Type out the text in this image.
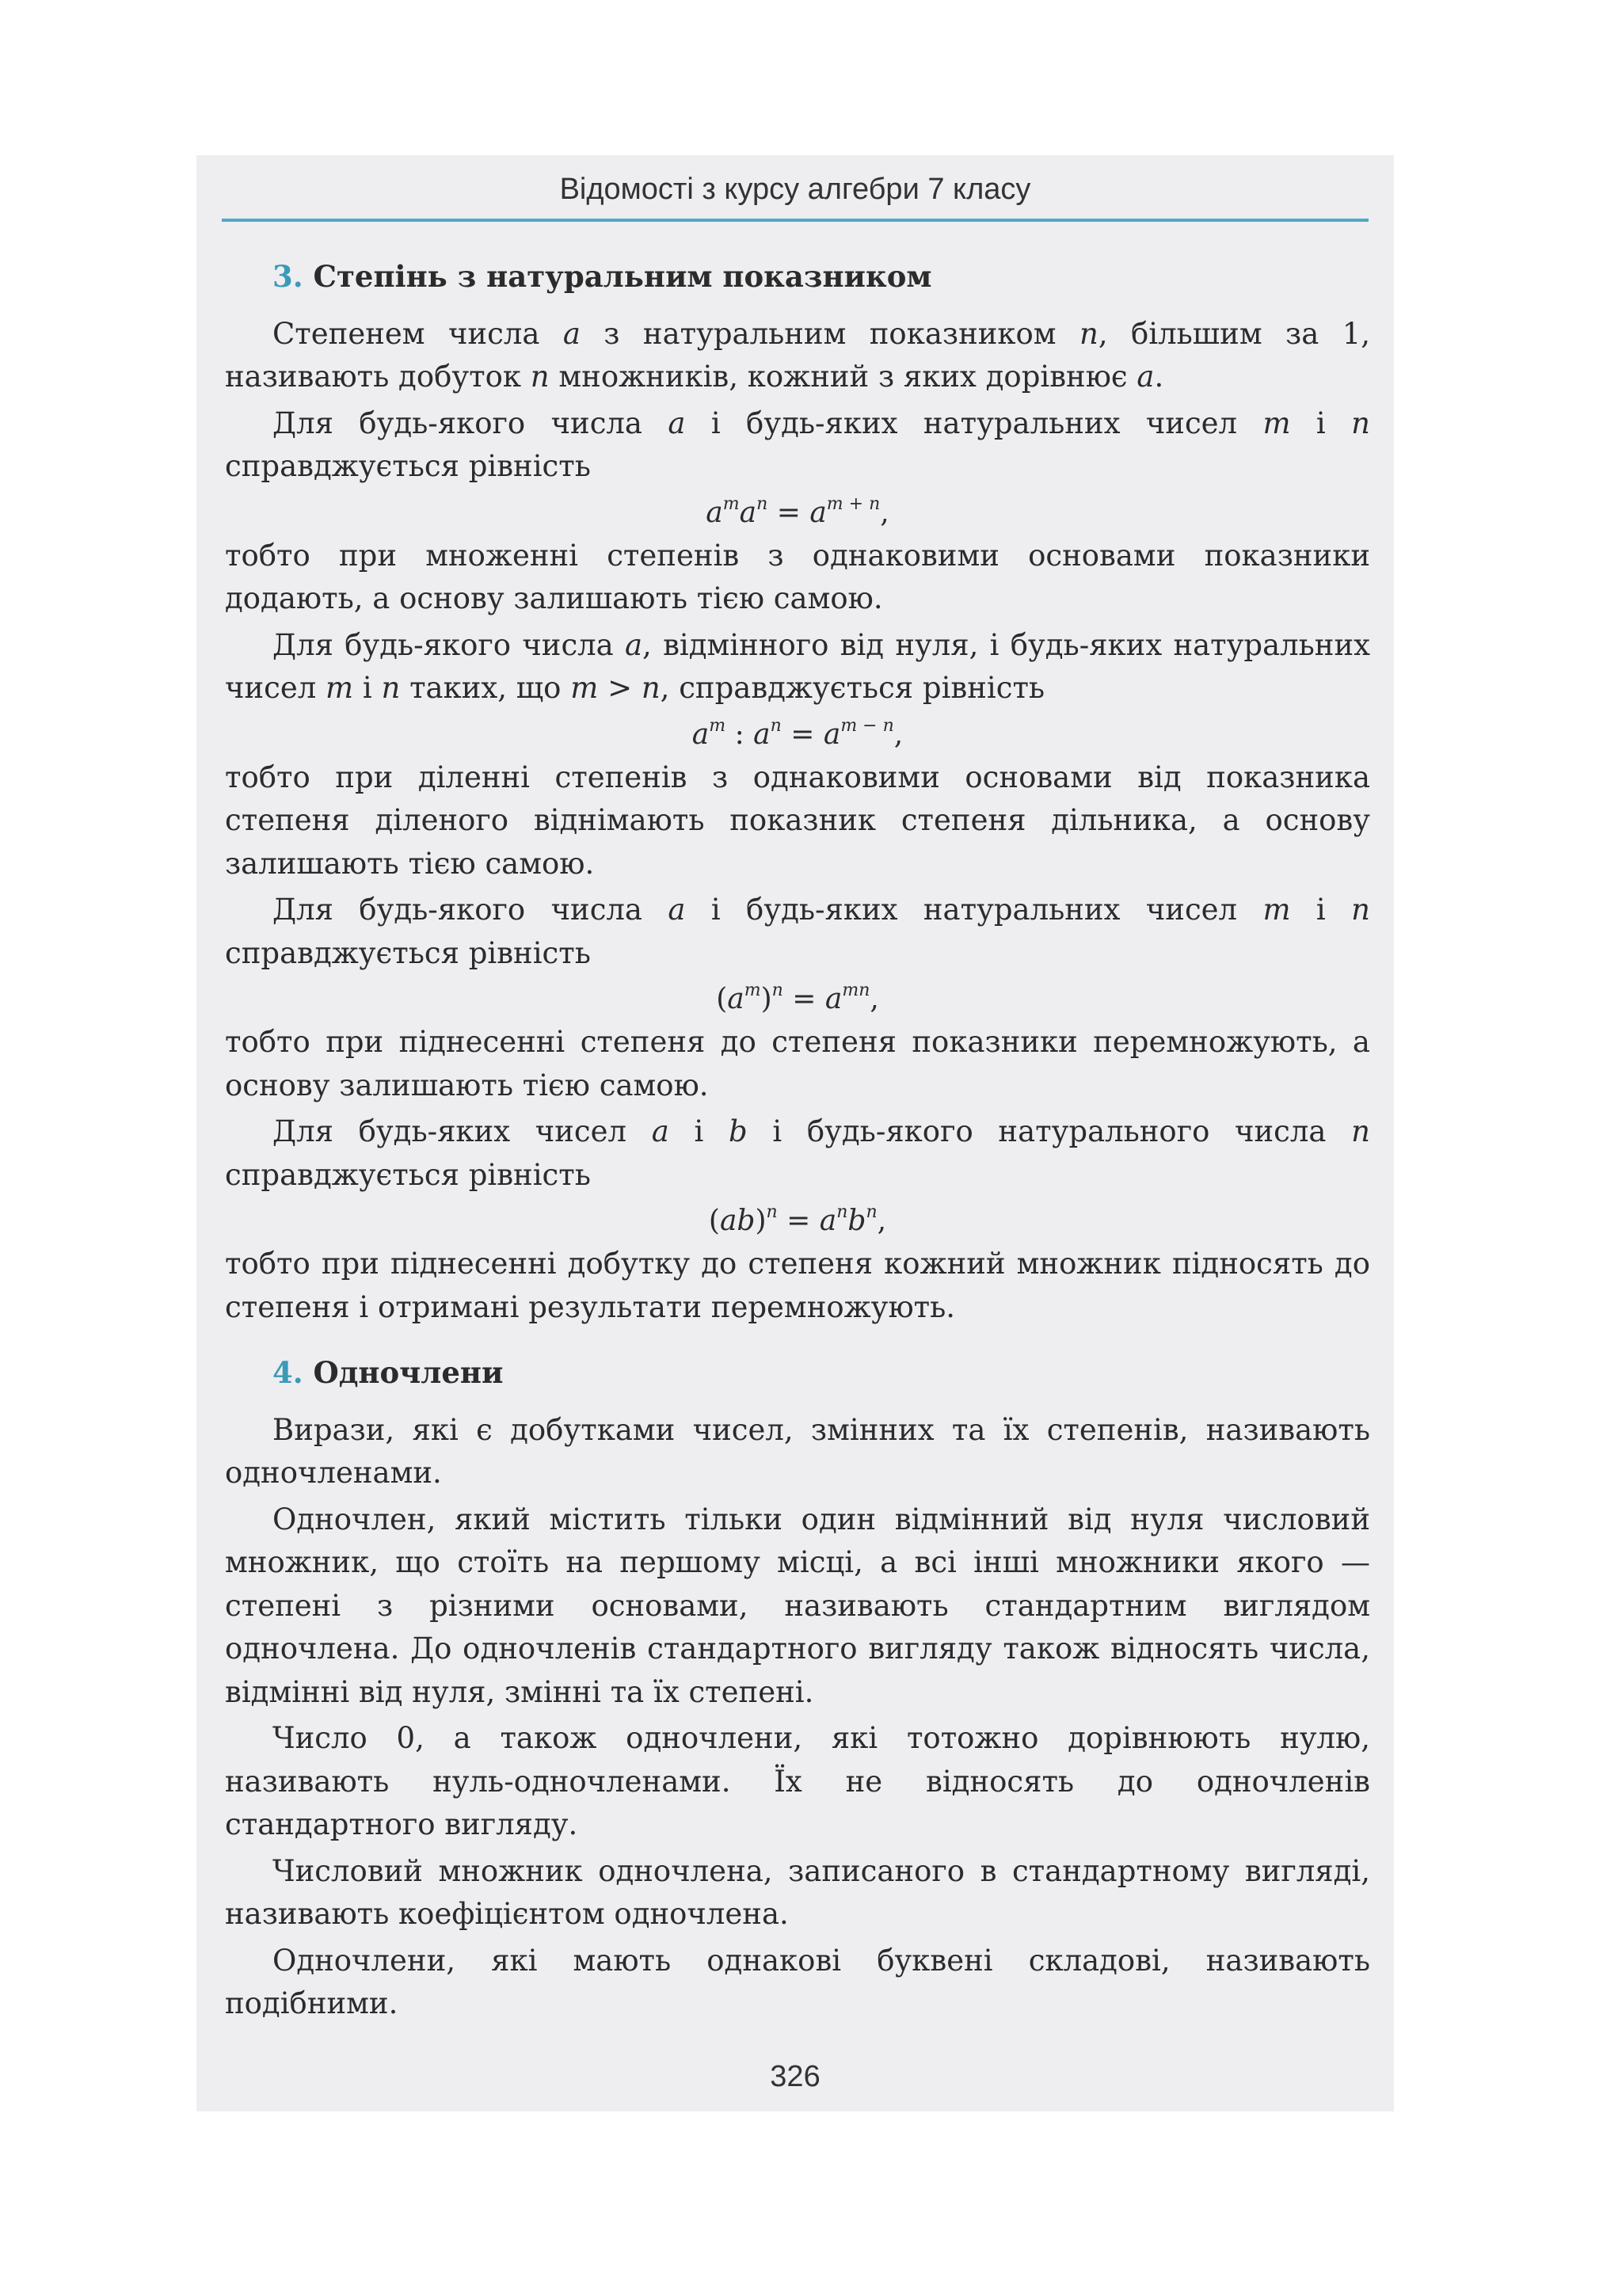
Відомості з курсу алгебри 7 класу
3. Степінь з натуральним показником

Степенем числа a з натуральним показником n, більшим за 1, називають добуток n множників, кожний з яких дорівнює a.

Для будь-якого числа a і будь-яких натуральних чисел m і n справджується рівність

$a^ma^n = a^{m + n}$,

тобто при множенні степенів з однаковими основами показники додають, а основу залишають тією самою.

Для будь-якого числа a, відмінного від нуля, і будь-яких натуральних чисел m і n таких, що m > n, справджується рівність

$a^m$ : $a^n = a^{m - n}$,

тобто при діленні степенів з однаковими основами від показника степеня діленого віднімають показник степеня дільника, а основу залишають тією самою.

Для будь-якого числа a і будь-яких натуральних чисел m і n справджується рівність

$(a^m)^n = a^{mn}$,

тобто при піднесенні степеня до степеня показники перемножують, а основу залишають тією самою.

Для будь-яких чисел a і b і будь-якого натурального числа n справджується рівність

$(ab)^n = a^nb^n$,

тобто при піднесенні добутку до степеня кожний множник підносять до степеня і отримані результати перемножують.

4. Одночлени

Вирази, які є добутками чисел, змінних та їх степенів, називають одночленами.

Одночлен, який містить тільки один відмінний від нуля числовий множник, що стоїть на першому місці, а всі інші множники якого — степені з різними основами, називають стандартним виглядом одночлена. До одночленів стандартного вигляду також відносять числа, відмінні від нуля, змінні та їх степені.

Число 0, а також одночлени, які тотожно дорівнюють нулю, називають нуль-одночленами. Їх не відносять до одночленів стандартного вигляду.

Числовий множник одночлена, записаного в стандартному вигляді, називають коефіцієнтом одночлена.

Одночлени, які мають однакові буквені складові, називають подібними.

326
